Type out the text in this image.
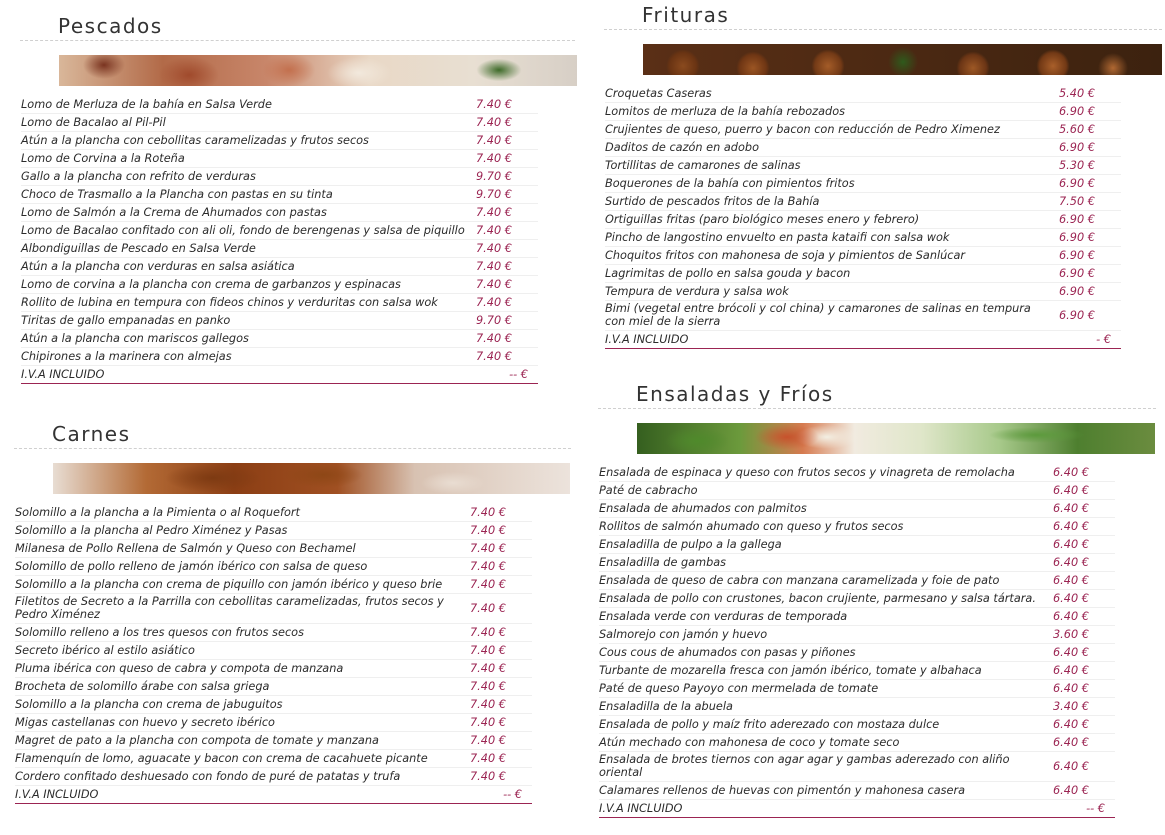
Pescados
Lomo de Merluza de la bahía en Salsa Verde	7.40 €
Lomo de Bacalao al Pil-Pil	7.40 €
Atún a la plancha con cebollitas caramelizadas y frutos secos	7.40 €
Lomo de Corvina a la Roteña	7.40 €
Gallo a la plancha con refrito de verduras	9.70 €
Choco de Trasmallo a la Plancha con pastas en su tinta	9.70 €
Lomo de Salmón a la Crema de Ahumados con pastas	7.40 €
Lomo de Bacalao confitado con ali oli, fondo de berengenas y salsa de piquillo 7.40 €
Albondiguillas de Pescado en Salsa Verde	7.40 €
Atún a la plancha con verduras en salsa asiática	7.40 €
Lomo de corvina a la plancha con crema de garbanzos y espinacas	7.40 €
Rollito de lubina en tempura con fideos chinos y verduritas con salsa wok	7.40 €
Tiritas de gallo empanadas en panko	9.70 €
Atún a la plancha con mariscos gallegos	7.40 €
Chipirones a la marinera con almejas	7.40 €
I.V.A INCLUIDO	-- €
Carnes
Solomillo a la plancha a la Pimienta o al Roquefort	7.40 €
Solomillo a la plancha al Pedro Ximénez y Pasas	7.40 €
Milanesa de Pollo Rellena de Salmón y Queso con Bechamel	7.40 €
Solomillo de pollo relleno de jamón ibérico con salsa de queso	7.40 €
Solomillo a la plancha con crema de piquillo con jamón ibérico y queso brie	7.40 €
Filetitos de Secreto a la Parrilla con cebollitas caramelizadas, frutos secos y Pedro Ximénez	7.40 €
Solomillo relleno a los tres quesos con frutos secos	7.40 €
Secreto ibérico al estilo asiático	7.40 €
Pluma ibérica con queso de cabra y compota de manzana	7.40 €
Brocheta de solomillo árabe con salsa griega	7.40 €
Solomillo a la plancha con crema de jabuguitos	7.40 €
Migas castellanas con huevo y secreto ibérico	7.40 €
Magret de pato a la plancha con compota de tomate y manzana	7.40 €
Flamenquín de lomo, aguacate y bacon con crema de cacahuete picante	7.40 €
Cordero confitado deshuesado con fondo de puré de patatas y trufa	7.40 €
I.V.A INCLUIDO	-- €
Frituras
Croquetas Caseras	5.40 €
Lomitos de merluza de la bahía rebozados	6.90 €
Crujientes de queso, puerro y bacon con reducción de Pedro Ximenez	5.60 €
Daditos de cazón en adobo	6.90 €
Tortillitas de camarones de salinas	5.30 €
Boquerones de la bahía con pimientos fritos	6.90 €
Surtido de pescados fritos de la Bahía	7.50 €
Ortiguillas fritas (paro biológico meses enero y febrero)	6.90 €
Pincho de langostino envuelto en pasta kataifi con salsa wok	6.90 €
Choquitos fritos con mahonesa de soja y pimientos de Sanlúcar	6.90 €
Lagrimitas de pollo en salsa gouda y bacon	6.90 €
Tempura de verdura y salsa wok	6.90 €
Bimi (vegetal entre brócoli y col china) y camarones de salinas en tempura con miel de la sierra	6.90 €
I.V.A INCLUIDO	- €
Ensaladas y Fríos
Ensalada de espinaca y queso con frutos secos y vinagreta de remolacha	6.40 €
Paté de cabracho	6.40 €
Ensalada de ahumados con palmitos	6.40 €
Rollitos de salmón ahumado con queso y frutos secos	6.40 €
Ensaladilla de pulpo a la gallega	6.40 €
Ensaladilla de gambas	6.40 €
Ensalada de queso de cabra con manzana caramelizada y foie de pato	6.40 €
Ensalada de pollo con crustones, bacon crujiente, parmesano y salsa tártara.	6.40 €
Ensalada verde con verduras de temporada	6.40 €
Salmorejo con jamón y huevo	3.60 €
Cous cous de ahumados con pasas y piñones	6.40 €
Turbante de mozarella fresca con jamón ibérico, tomate y albahaca	6.40 €
Paté de queso Payoyo con mermelada de tomate	6.40 €
Ensaladilla de la abuela	3.40 €
Ensalada de pollo y maíz frito aderezado con mostaza dulce	6.40 €
Atún mechado con mahonesa de coco y tomate seco	6.40 €
Ensalada de brotes tiernos con agar agar y gambas aderezado con aliño oriental	6.40 €
Calamares rellenos de huevas con pimentón y mahonesa casera	6.40 €
I.V.A INCLUIDO	-- €
